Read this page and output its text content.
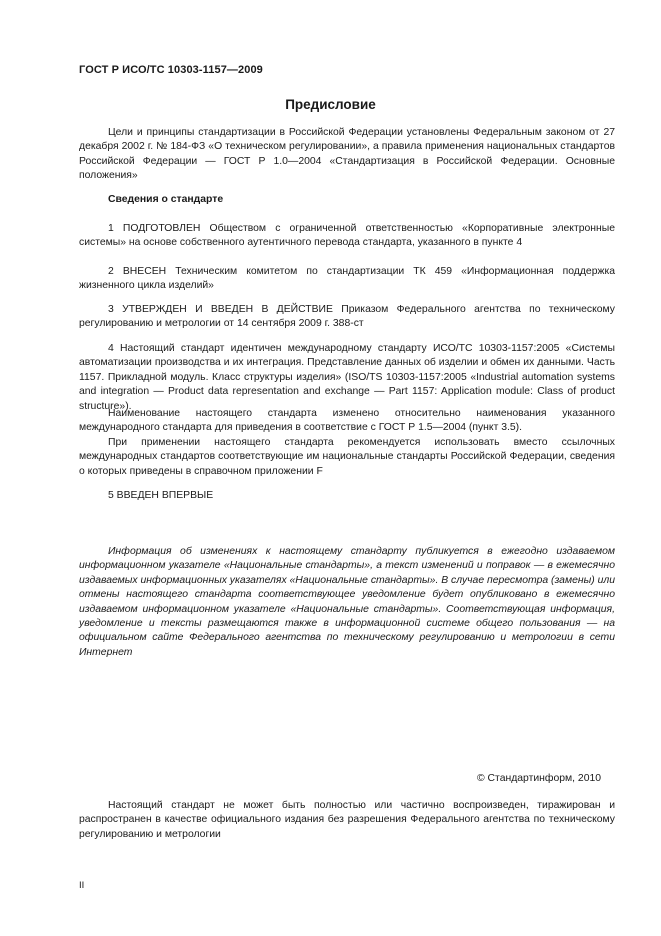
ГОСТ Р ИСО/ТС 10303-1157—2009
Предисловие

Цели и принципы стандартизации в Российской Федерации установлены Федеральным законом от 27 декабря 2002 г. № 184-ФЗ «О техническом регулировании», а правила применения национальных стандартов Российской Федерации — ГОСТ Р 1.0—2004 «Стандартизация в Российской Федерации. Основные положения»

Сведения о стандарте

1 ПОДГОТОВЛЕН Обществом с ограниченной ответственностью «Корпоративные электронные системы» на основе собственного аутентичного перевода стандарта, указанного в пункте 4

2 ВНЕСЕН Техническим комитетом по стандартизации ТК 459 «Информационная поддержка жизненного цикла изделий»

3 УТВЕРЖДЕН И ВВЕДЕН В ДЕЙСТВИЕ Приказом Федерального агентства по техническому регулированию и метрологии от 14 сентября 2009 г. 388-ст

4 Настоящий стандарт идентичен международному стандарту ИСО/ТС 10303-1157:2005 «Системы автоматизации производства и их интеграция. Представление данных об изделии и обмен их данными. Часть 1157. Прикладной модуль. Класс структуры изделия» (ISO/TS 10303-1157:2005 «Industrial automation systems and integration — Product data representation and exchange — Part 1157: Application module: Class of product structure»).

Наименование настоящего стандарта изменено относительно наименования указанного международного стандарта для приведения в соответствие с ГОСТ Р 1.5—2004 (пункт 3.5).

При применении настоящего стандарта рекомендуется использовать вместо ссылочных международных стандартов соответствующие им национальные стандарты Российской Федерации, сведения о которых приведены в справочном приложении F

5 ВВЕДЕН ВПЕРВЫЕ

Информация об изменениях к настоящему стандарту публикуется в ежегодно издаваемом информационном указателе «Национальные стандарты», а текст изменений и поправок — в ежемесячно издаваемых информационных указателях «Национальные стандарты». В случае пересмотра (замены) или отмены настоящего стандарта соответствующее уведомление будет опубликовано в ежемесячно издаваемом информационном указателе «Национальные стандарты». Соответствующая информация, уведомление и тексты размещаются также в информационной системе общего пользования — на официальном сайте Федерального агентства по техническому регулированию и метрологии в сети Интернет

© Стандартинформ, 2010

Настоящий стандарт не может быть полностью или частично воспроизведен, тиражирован и распространен в качестве официального издания без разрешения Федерального агентства по техническому регулированию и метрологии

II
